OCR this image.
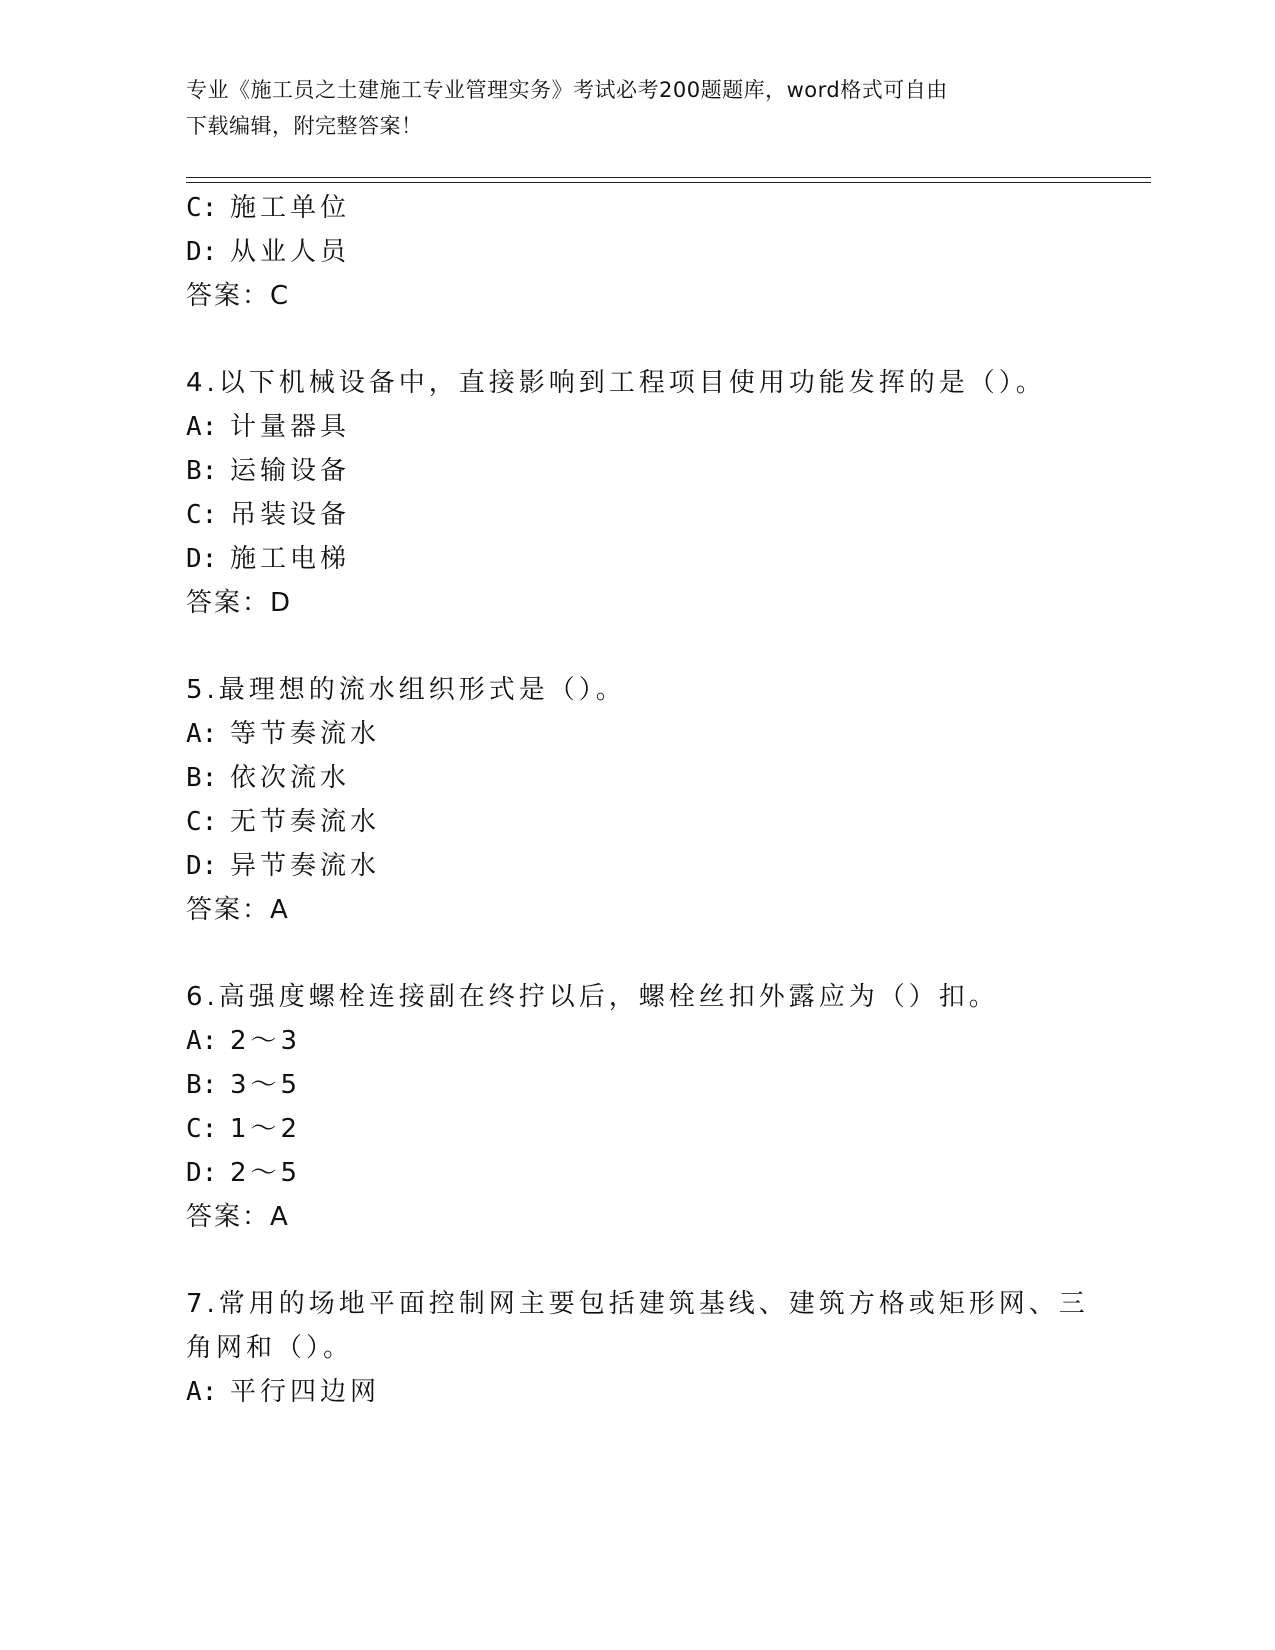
专业《施工员之土建施工专业管理实务》考试必考200题题库，word格式可自由
下载编辑，附完整答案！
C: 施工单位
D: 从业人员
答案：C
4.以下机械设备中，直接影响到工程项目使用功能发挥的是（）。
A: 计量器具
B: 运输设备
C: 吊装设备
D: 施工电梯
答案：D
5.最理想的流水组织形式是（）。
A: 等节奏流水
B: 依次流水
C: 无节奏流水
D: 异节奏流水
答案：A
6.高强度螺栓连接副在终拧以后，螺栓丝扣外露应为（）扣。
A: 2～3
B: 3～5
C: 1～2
D: 2～5
答案：A
7.常用的场地平面控制网主要包括建筑基线、建筑方格或矩形网、三
角网和（）。
A: 平行四边网
